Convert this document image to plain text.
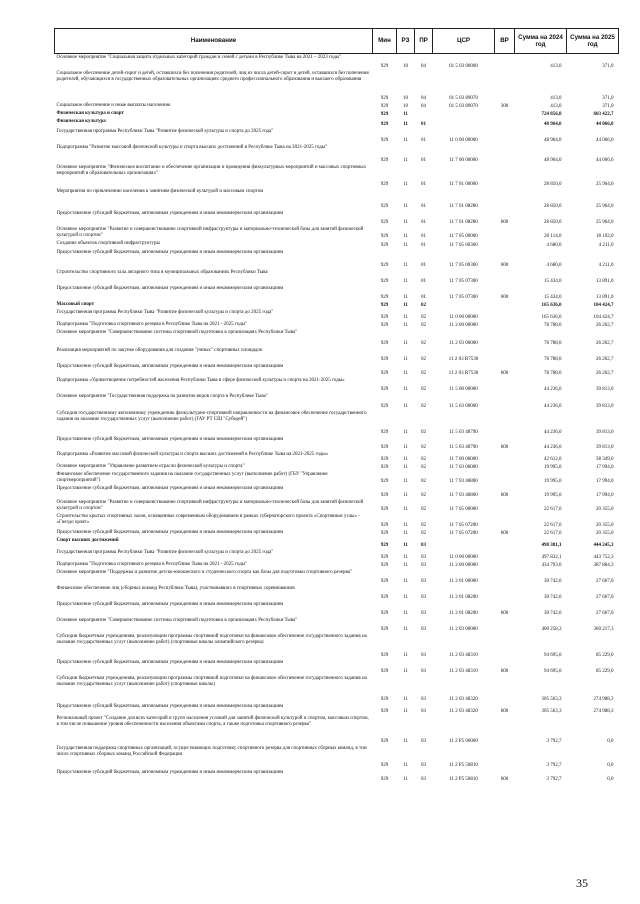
Наименование	Мин	РЗ	ПР	ЦСР	ВР	Сумма на 2024 год	Сумма на 2025 год
Основное мероприятие "Социальная защита отдельных категорий граждан и семей с детьми в Республике Тыва на 2021 – 2023 годы"	929	10	04	01 5 03 00000		413,0	371,0
Социальное обеспечение детей-сирот и детей, оставшихся без попечения родителей, лиц из числа детей-сирот и детей, оставшихся без попечения родителей, обучающихся в государственных образовательных организациях среднего профессионального образования и высшего образования	929	10	04	01 5 03 89070		413,0	371,0
Социальное обеспечение и иные выплаты населению	929	10	04	01 5 03 89070	300	413,0	371,0
Физическая культура и спорт	929	11				724 856,8	603 422,7
Физическая культура	929	11	01			48 964,0	44 066,0
Государственная программа Республики Тыва "Развитие физической культуры и спорта до 2025 года"	929	11	01	11 0 00 00000		48 964,0	44 066,0
Подпрограмма "Развитие массовой физической культуры и спорта высших достижений в Республике Тыва на 2021-2025 годы"	929	11	01	11 7 00 00000		48 964,0	44 066,0
Основное мероприятие "Физическое воспитание и обеспечение организации и проведения физкультурных мероприятий и массовых спортивных мероприятий в образовательных организациях"	929	11	01	11 7 01 00000		28 850,0	25 964,0
Мероприятия по привлечению населения к занятиям физической культурой и массовым спортом	929	11	01	11 7 01 08280		28 850,0	25 964,0
Предоставление субсидий бюджетным, автономным учреждениям и иным некоммерческим организациям	929	11	01	11 7 01 08280	600	28 850,0	25 964,0
Основное мероприятие "Развитие и совершенствование спортивной инфраструктуры и материально-технической базы для занятий физической культурой и спортом"	929	11	01	11 7 05 00000		20 114,0	18 102,0
Создание объектов спортивной инфраструктуры	929	11	01	11 7 05 00360		4 680,0	4 211,0
Предоставление субсидий бюджетным, автономным учреждениям и иным некоммерческим организациям	929	11	01	11 7 05 00360	600	4 680,0	4 211,0
Строительство спортивного зала ангарного типа в муниципальных образованиях Республики Тыва	929	11	01	11 7 05 07300		15 434,0	13 891,0
Предоставление субсидий бюджетным, автономным учреждениям и иным некоммерческим организациям	929	11	01	11 7 05 07300	600	15 434,0	13 891,0
Массовый спорт	929	11	02			165 636,0	104 424,7
Государственная программа Республики Тыва "Развитие физической культуры и спорта до 2025 года"	929	11	02	11 0 00 00000		165 636,0	104 424,7
Подпрограмма "Подготовка спортивного резерва в Республике Тыва на 2021 - 2025 годы"	929	11	02	11 2 00 00000		78 788,0	26 262,7
Основное мероприятие "Совершенствование системы спортивной подготовки в организациях Республики Тыва"	929	11	02	11 2 03 00000		78 788,0	26 262,7
Реализация мероприятий по закупке оборудования для создания "умных" спортивных площадок	929	11	02	11 2 03 R7530		78 788,0	26 262,7
Предоставление субсидий бюджетным, автономным учреждениям и иным некоммерческим организациям	929	11	02	11 2 03 R7530	600	78 788,0	26 262,7
Подпрограмма «Удовлетворение потребностей населения Республики Тыва в сфере физической культуры и спорта на 2021-2025 годы»	929	11	02	11 5 00 00000		44 236,0	39 813,0
Основное мероприятие "Государственная поддержка на развитие видов спорта в Республике Тыва"	929	11	02	11 5 03 00000		44 236,0	39 813,0
Субсидия государственному автономному учреждению физкультурно-спортивной направленности на финансовое обеспечение государственного задания на оказание государственных услуг (выполнение работ) (ГАУ РТ СШ "Субедей")	929	11	02	11 5 03 48790		44 236,0	39 813,0
Предоставление субсидий бюджетным, автономным учреждениям и иным некоммерческим организациям	929	11	02	11 5 03 48790	600	44 236,0	39 813,0
Подпрограмма «Развитие массовой физической культуры и спорта высших достижений в Республике Тыва на 2021-2025 годы»	929	11	02	11 7 00 00000		42 612,0	38 349,0
Основное мероприятие "Управление развитием отрасли физической культуры и спорта"	929	11	02	11 7 03 00000		19 995,0	17 994,0
Финансовое обеспечение государственного задания на оказание государственных услуг (выполнение работ) (ГБУ "Управление спортмероприятий")	929	11	02	11 7 03 48800		19 995,0	17 994,0
Предоставление субсидий бюджетным, автономным учреждениям и иным некоммерческим организациям	929	11	02	11 7 03 48800	600	19 995,0	17 994,0
Основное мероприятие "Развитие и совершенствование спортивной инфраструктуры и материально-технической базы для занятий физической культурой и спортом"	929	11	02	11 7 05 00000		22 617,0	20 355,0
Строительство крытых спортивных залов, оснащенные современным оборудованием в рамках губернаторского проекта «Спортивные узлы» - «Гнездо орлят»	929	11	02	11 7 05 07200		22 617,0	20 355,0
Предоставление субсидий бюджетным, автономным учреждениям и иным некоммерческим организациям	929	11	02	11 7 05 07200	600	22 617,0	20 355,0
Спорт высших достижений	929	11	03			498 381,1	444 245,3
Государственная программа Республики Тыва "Развитие физической культуры и спорта до 2025 года"	929	11	03	11 0 00 00000		497 832,1	443 752,3
Подпрограмма "Подготовка спортивного резерва в Республике Тыва на 2021 - 2025 годы"	929	11	03	11 2 00 00000		434 793,0	387 884,3
Основное мероприятие "Поддержка и развитие детско-юношеского и студенческого спорта как базы для подготовки спортивного резерва"	929	11	03	11 2 01 00000		30 742,0	27 667,0
Финансовое обеспечение лиц (сборных команд Республики Тыва), участвовавших в спортивных соревнованиях	929	11	03	11 2 01 08200		30 742,0	27 667,0
Предоставление субсидий бюджетным, автономным учреждениям и иным некоммерческим организациям	929	11	03	11 2 01 08200	600	30 742,0	27 667,0
Основное мероприятие "Совершенствование системы спортивной подготовки в организациях Республики Тыва"	929	11	03	11 2 03 00000		400 258,3	360 217,3
Субсидии бюджетным учреждениям, реализующим программы спортивной подготовки на финансовое обеспечение государственного задания на оказание государственных услуг (выполнение работ) (спортивные школы олимпийского резерва)	929	11	03	11 2 03 48310		94 695,0	85 229,0
Предоставление субсидий бюджетным, автономным учреждениям и иным некоммерческим организациям	929	11	03	11 2 03 48310	600	94 695,0	85 229,0
Субсидии бюджетным учреждениям, реализующим программы спортивной подготовки на финансовое обеспечение государственного задания на оказание государственных услуг (выполнение работ) (спортивные школы)	929	11	03	11 2 03 48320		305 563,3	274 988,3
Предоставление субсидий бюджетным, автономным учреждениям и иным некоммерческим организациям	929	11	03	11 2 03 48320	600	305 563,3	274 988,3
Региональный проект "Создание для всех категорий и групп населения условий для занятий физической культурой и спортом, массовым спортом, в том числе повышение уровня обеспеченности населения объектами спорта, а также подготовка спортивного резерва"	929	11	03	11 2 P5 00000		3 792,7	0,0
Государственная поддержка спортивных организаций, осуществляющих подготовку спортивного резерва для спортивных сборных команд, в том числе спортивных сборных команд Российской Федерации	929	11	03	11 2 P5 50810		3 792,7	0,0
Предоставление субсидий бюджетным, автономным учреждениям и иным некоммерческим организациям	929	11	03	11 2 P5 50810	600	3 792,7	0,0
35
